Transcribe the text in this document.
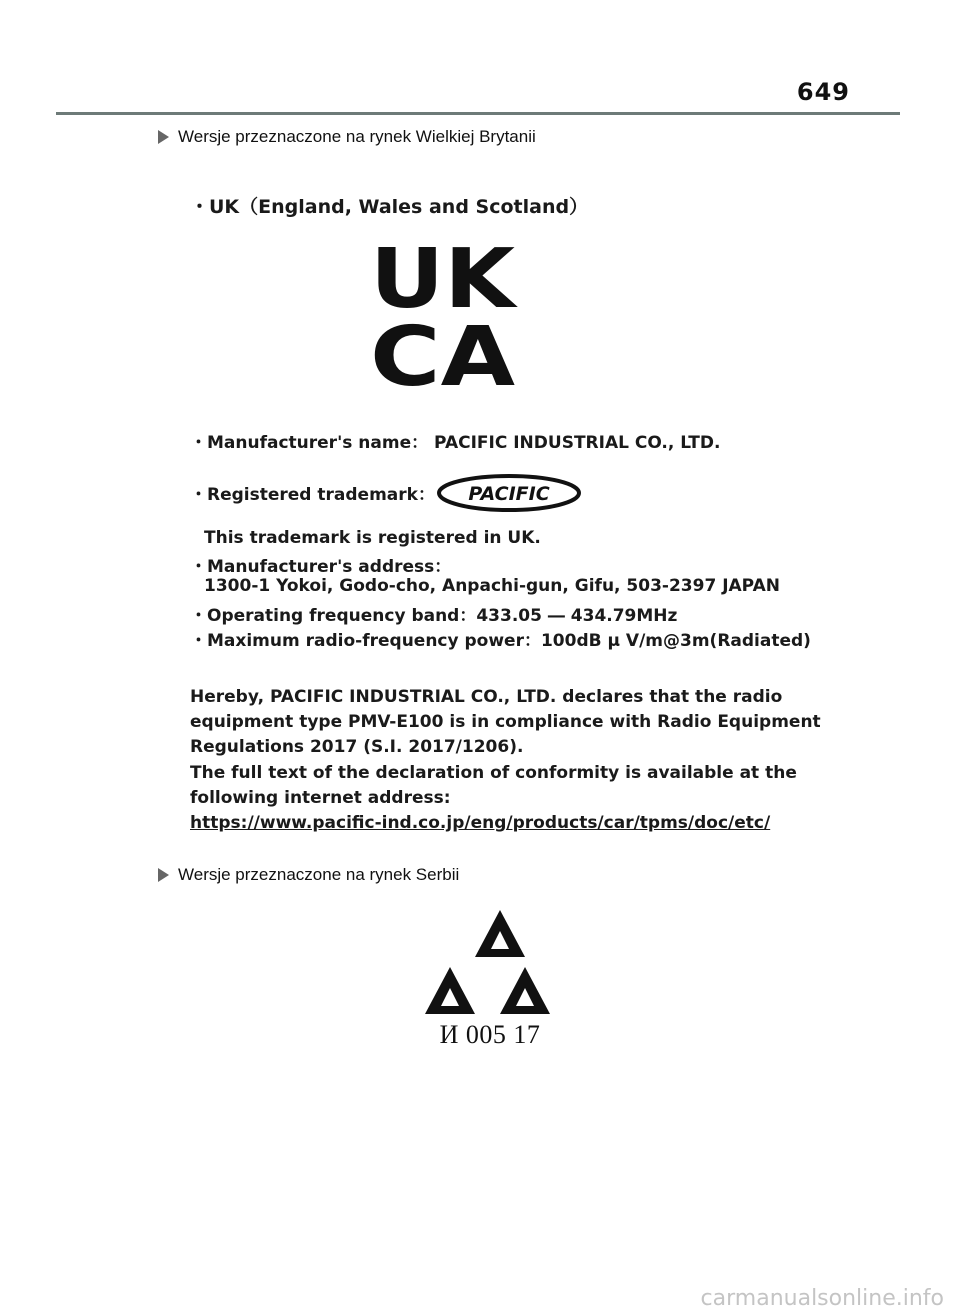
649
Wersje przeznaczone na rynek Wielkiej Brytanii
・UK（England, Wales and Scotland）
UK
CA
・Manufacturer's name： PACIFIC INDUSTRIAL CO., LTD.
・Registered trademark： PACIFIC
This trademark is registered in UK.
・Manufacturer's address：
1300-1 Yokoi, Godo-cho, Anpachi-gun, Gifu, 503-2397 JAPAN
・Operating frequency band：433.05 ― 434.79MHz
・Maximum radio-frequency power：100dB μ V/m@3m(Radiated)
Hereby, PACIFIC INDUSTRIAL CO., LTD. declares that the radio
equipment type PMV-E100 is in compliance with Radio Equipment
Regulations 2017 (S.I. 2017/1206).
The full text of the declaration of conformity is available at the
following internet address:
https://www.pacific-ind.co.jp/eng/products/car/tpms/doc/etc/
Wersje przeznaczone na rynek Serbii
И 005 17
carmanualsonline.info
